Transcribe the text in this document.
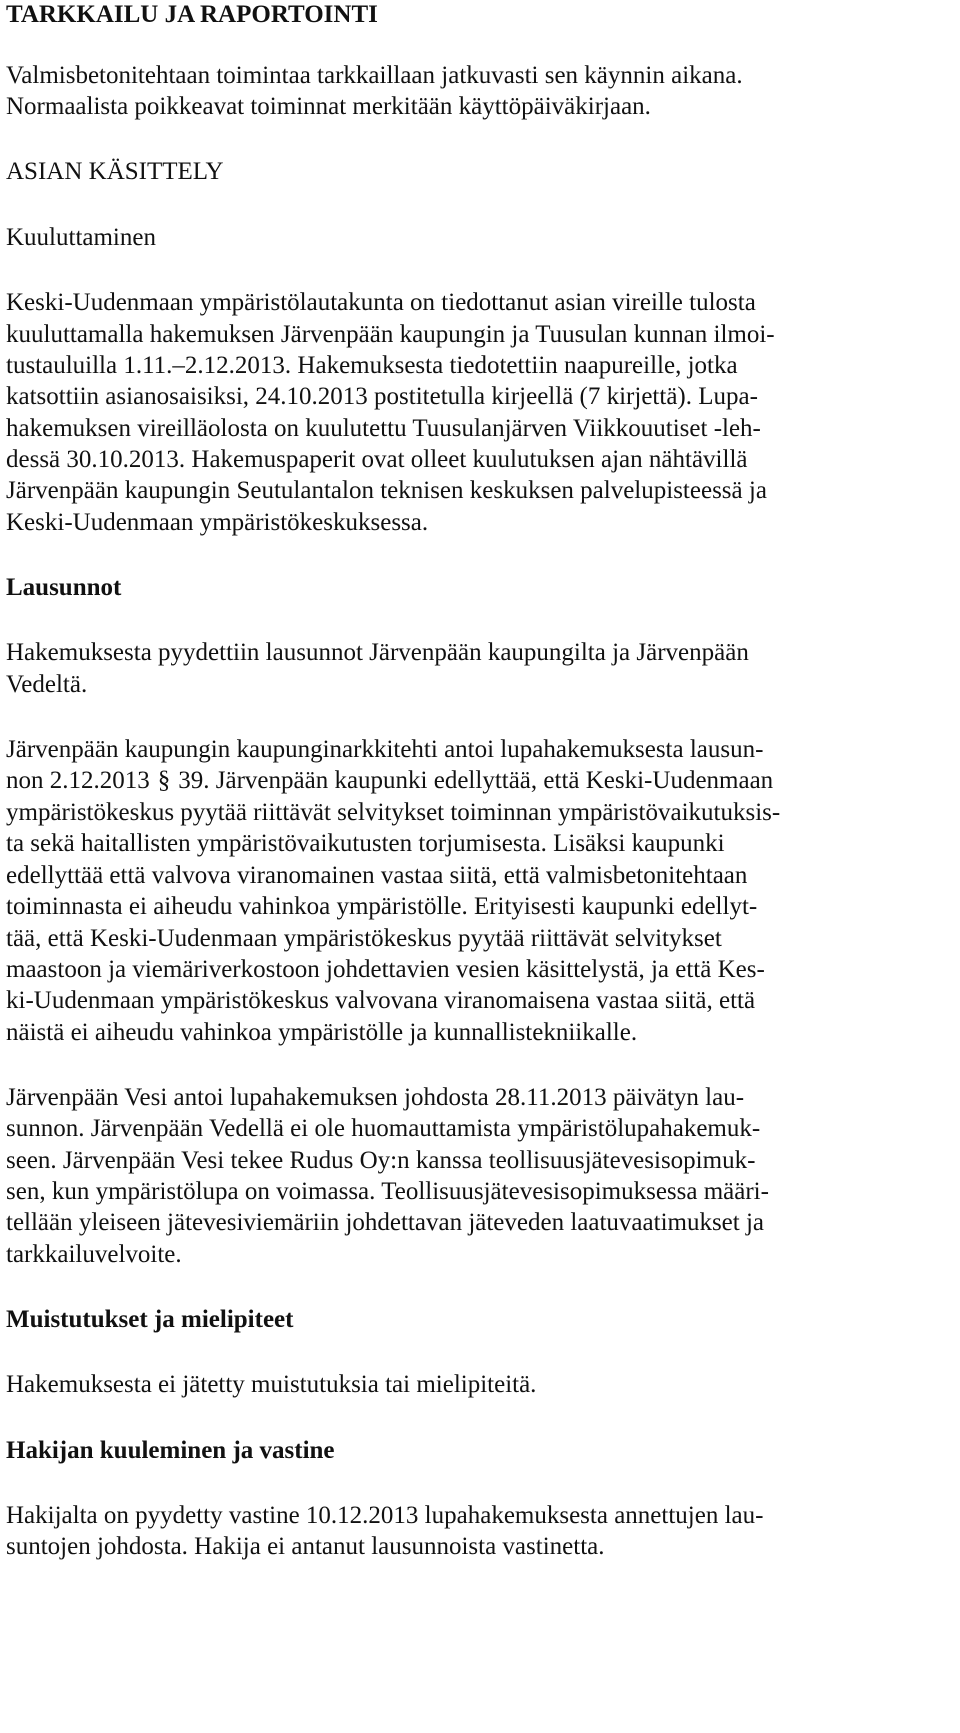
TARKKAILU JA RAPORTOINTI
Valmisbetonitehtaan toimintaa tarkkaillaan jatkuvasti sen käynnin aikana.
Normaalista poikkeavat toiminnat merkitään käyttöpäiväkirjaan.
ASIAN KÄSITTELY
Kuuluttaminen
Keski-Uudenmaan ympäristölautakunta on tiedottanut asian vireille tulosta
kuuluttamalla hakemuksen Järvenpään kaupungin ja Tuusulan kunnan ilmoi-
tustauluilla 1.11.–2.12.2013. Hakemuksesta tiedotettiin naapureille, jotka
katsottiin asianosaisiksi, 24.10.2013 postitetulla kirjeellä (7 kirjettä). Lupa-
hakemuksen vireilläolosta on kuulutettu Tuusulanjärven Viikkouutiset -leh-
dessä 30.10.2013. Hakemuspaperit ovat olleet kuulutuksen ajan nähtävillä
Järvenpään kaupungin Seutulantalon teknisen keskuksen palvelupisteessä ja
Keski-Uudenmaan ympäristökeskuksessa.
Lausunnot
Hakemuksesta pyydettiin lausunnot Järvenpään kaupungilta ja Järvenpään
Vedeltä.
Järvenpään kaupungin kaupunginarkkitehti antoi lupahakemuksesta lausun-
non 2.12.2013 § 39. Järvenpään kaupunki edellyttää, että Keski-Uudenmaan
ympäristökeskus pyytää riittävät selvitykset toiminnan ympäristövaikutuksis-
ta sekä haitallisten ympäristövaikutusten torjumisesta. Lisäksi kaupunki
edellyttää että valvova viranomainen vastaa siitä, että valmisbetonitehtaan
toiminnasta ei aiheudu vahinkoa ympäristölle. Erityisesti kaupunki edellyt-
tää, että Keski-Uudenmaan ympäristökeskus pyytää riittävät selvitykset
maastoon ja viemäriverkostoon johdettavien vesien käsittelystä, ja että Kes-
ki-Uudenmaan ympäristökeskus valvovana viranomaisena vastaa siitä, että
näistä ei aiheudu vahinkoa ympäristölle ja kunnallistekniikalle.
Järvenpään Vesi antoi lupahakemuksen johdosta 28.11.2013 päivätyn lau-
sunnon. Järvenpään Vedellä ei ole huomauttamista ympäristölupahakemuk-
seen. Järvenpään Vesi tekee Rudus Oy:n kanssa teollisuusjätevesisopimuk-
sen, kun ympäristölupa on voimassa. Teollisuusjätevesisopimuksessa määri-
tellään yleiseen jätevesiviemäriin johdettavan jäteveden laatuvaatimukset ja
tarkkailuvelvoite.
Muistutukset ja mielipiteet
Hakemuksesta ei jätetty muistutuksia tai mielipiteitä.
Hakijan kuuleminen ja vastine
Hakijalta on pyydetty vastine 10.12.2013 lupahakemuksesta annettujen lau-
suntojen johdosta. Hakija ei antanut lausunnoista vastinetta.
